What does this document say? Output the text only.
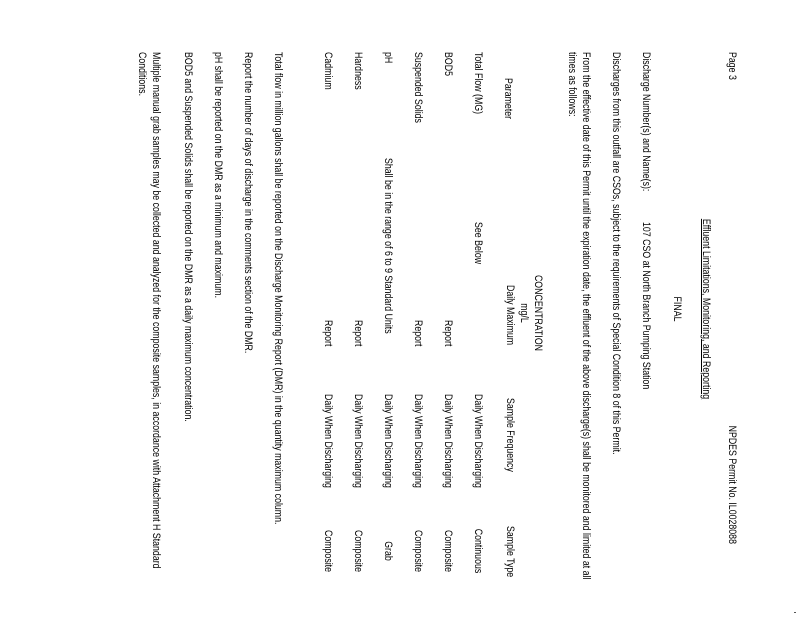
Page 3
NPDES Permit No. IL0028088
Effluent Limitations, Monitoring, and Reporting
FINAL
Discharge Number(s) and Name(s):
107 CSO at North Branch Pumping Station
Discharges from this outfall are CSOs, subject to the requirements of Special Condition 8 of this Permit.
From the effective date of this Permit until the expiration date, the effluent of the above discharge(s) shall be monitored and limited at all
times as follows:
CONCENTRATION
mg/L
Parameter
Daily Maximum
Sample Frequency
Sample Type
Total Flow (MG)
See Below
Daily When Discharging
Continuous
BOD5
Report
Daily When Discharging
Composite
Suspended Solids
Report
Daily When Discharging
Composite
pH
Shall be in the range of 6 to 9 Standard Units
Daily When Discharging
Grab
Hardness
Report
Daily When Discharging
Composite
Cadmium
Report
Daily When Discharging
Composite
Total flow in million gallons shall be reported on the Discharge Monitoring Report (DMR) in the quantity maximum column.
Report the number of days of discharge in the comments section of the DMR.
pH shall be reported on the DMR as a minimum and maximum.
BOD5 and Suspended Solids shall be reported on the DMR as a daily maximum concentration.
Multiple manual grab samples may be collected and analyzed for the composite samples, in accordance with Attachment H Standard
Conditions.
